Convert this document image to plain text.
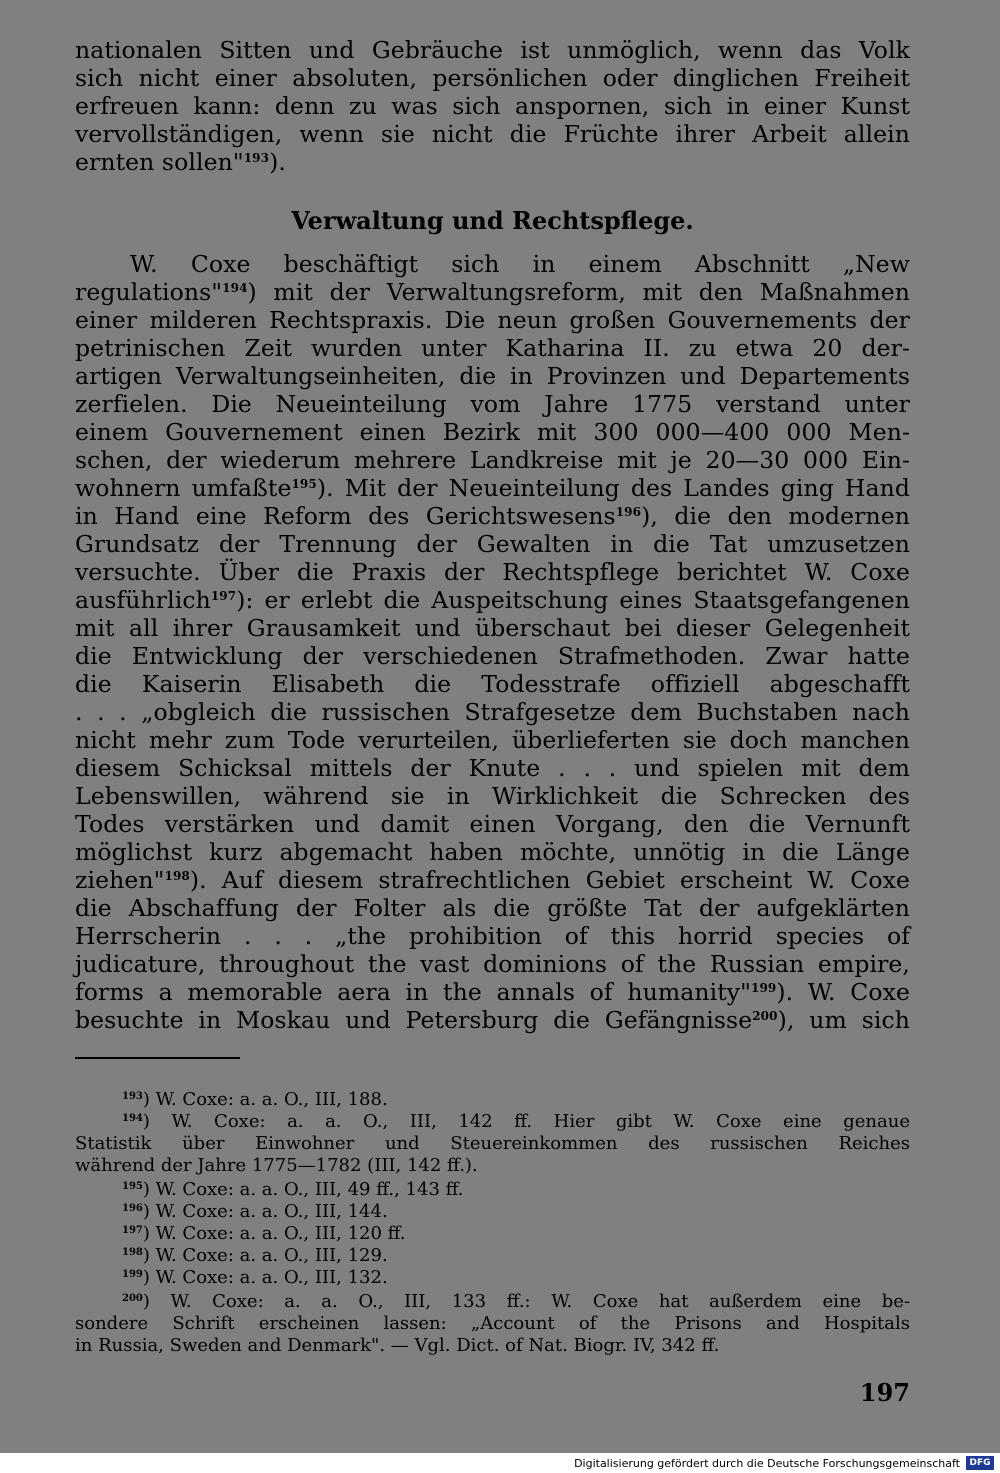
nationalen Sitten und Gebräuche ist unmöglich, wenn das Volk
sich nicht einer absoluten, persönlichen oder dinglichen Freiheit
erfreuen kann: denn zu was sich anspornen, sich in einer Kunst
vervollständigen, wenn sie nicht die Früchte ihrer Arbeit allein
ernten sollen"$^{193}$).
Verwaltung und Rechtspflege.
W. Coxe beschäftigt sich in einem Abschnitt „New
regulations"$^{194}$) mit der Verwaltungsreform, mit den Maßnahmen
einer milderen Rechtspraxis. Die neun großen Gouvernements der
petrinischen Zeit wurden unter Katharina II. zu etwa 20 der-
artigen Verwaltungseinheiten, die in Provinzen und Departements
zerfielen. Die Neueinteilung vom Jahre 1775 verstand unter
einem Gouvernement einen Bezirk mit 300 000—400 000 Men-
schen, der wiederum mehrere Landkreise mit je 20—30 000 Ein-
wohnern umfaßte$^{195}$). Mit der Neueinteilung des Landes ging Hand
in Hand eine Reform des Gerichtswesens$^{196}$), die den modernen
Grundsatz der Trennung der Gewalten in die Tat umzusetzen
versuchte. Über die Praxis der Rechtspflege berichtet W. Coxe
ausführlich$^{197}$): er erlebt die Auspeitschung eines Staatsgefangenen
mit all ihrer Grausamkeit und überschaut bei dieser Gelegenheit
die Entwicklung der verschiedenen Strafmethoden. Zwar hatte
die Kaiserin Elisabeth die Todesstrafe offiziell abgeschafft
. . . „obgleich die russischen Strafgesetze dem Buchstaben nach
nicht mehr zum Tode verurteilen, überlieferten sie doch manchen
diesem Schicksal mittels der Knute . . . und spielen mit dem
Lebenswillen, während sie in Wirklichkeit die Schrecken des
Todes verstärken und damit einen Vorgang, den die Vernunft
möglichst kurz abgemacht haben möchte, unnötig in die Länge
ziehen"$^{198}$). Auf diesem strafrechtlichen Gebiet erscheint W. Coxe
die Abschaffung der Folter als die größte Tat der aufgeklärten
Herrscherin . . . „the prohibition of this horrid species of
judicature, throughout the vast dominions of the Russian empire,
forms a memorable aera in the annals of humanity"$^{199}$). W. Coxe
besuchte in Moskau und Petersburg die Gefängnisse$^{200}$), um sich
$^{193}$) W. Coxe: a. a. O., III, 188.
$^{194}$) W. Coxe: a. a. O., III, 142 ff. Hier gibt W. Coxe eine genaue
Statistik über Einwohner und Steuereinkommen des russischen Reiches
während der Jahre 1775—1782 (III, 142 ff.).
$^{195}$) W. Coxe: a. a. O., III, 49 ff., 143 ff.
$^{196}$) W. Coxe: a. a. O., III, 144.
$^{197}$) W. Coxe: a. a. O., III, 120 ff.
$^{198}$) W. Coxe: a. a. O., III, 129.
$^{199}$) W. Coxe: a. a. O., III, 132.
$^{200}$) W. Coxe: a. a. O., III, 133 ff.: W. Coxe hat außerdem eine be-
sondere Schrift erscheinen lassen: „Account of the Prisons and Hospitals
in Russia, Sweden and Denmark". — Vgl. Dict. of Nat. Biogr. IV, 342 ff.
197
Digitalisierung gefördert durch die Deutsche Forschungsgemeinschaft	DFG
